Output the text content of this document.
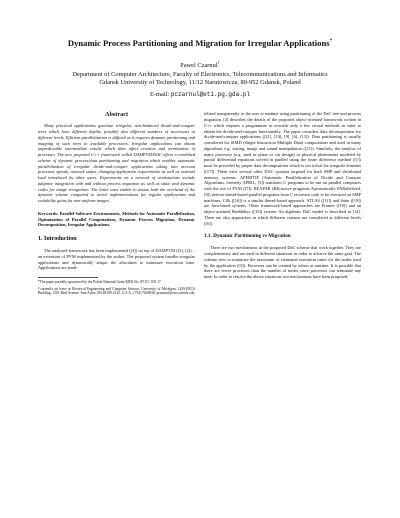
Dynamic Process Partitioning and Migration for Irregular Applications*
Pawel Czarnul†
Department of Computer Architecture, Faculty of Electronics, Telecommunications and Informatics
Gdansk University of Technology, 11/12 Narutowicza, 80-952 Gdansk, Poland
E-mail: pczarnul@eti.pg.gda.pl
Abstract

Many practical applications generate irregular, non-balanced divide-and-conquer trees which have different depths, possibly also different numbers of successors at different levels. Efficient parallelization is difficult as it requires dynamic partitioning and mapping of such trees to available processors. Irregular applications can obtain unpredictable intermediate results which then affect creation and termination of processes. The new proposed C++ framework called DAMPVM/DAC offers a combined scheme of dynamic process/data partitioning and migration which enables automatic parallelization of irregular divide-and-conquer applications taking into account processor speeds, network status, changing application requirements as well as external load introduced by other users. Experiments on a network of workstations include adaptive integration with and without process migration as well as static and dynamic codes for image recognition. The latter ones enable to assess both the overhead of the dynamic scheme compared to serial implementations for regular applications and scalability gains for non-uniform images.

Keywords: Parallel Software Environments, Methods for Automatic Parallelization, Optimization of Parallel Computations, Dynamic Process Migration, Dynamic Decomposition, Irregular Applications.

1. Introduction

The analyzed framework has been implemented ([4]) on top of DAMPVM ([3], [2]) – an extension of PVM implemented by the author. The proposed system handles irregular applications and dynamically adapts the allocation to minimize execution time. Applications are paral-

*The paper partially sponsored by the Polish National Grant KBN No. 8T11C 001 17

†currently on leave at Electrical Engineering and Computer Science, University of Michigan, 1229 EECS Building, 1301 Beal Avenue, Ann Arbor, MI 48109-2122, U.S.A., (734) 7646838, pczarnul@eecs.umich.edu

lelized transparently to the user at runtime using partitioning of the DaC tree and process migration. [4] describes the details of the proposed object-oriented framework written in C++ which requires a programmer to override only a few virtual methods in order to obtain the divide-and-conquer functionality. The paper considers data decomposition for divide-and-conquer applications ([21], [14], [9], [6], [13]). Data partitioning is usually considered for SIMD (Single Instruction Multiple Data) computations and used in many algorithms e.g. sorting, image and sound manipulation ([21]). Similarly, the analysis of many processes (e.g. used in plane or car design) or physical phenomena modeled by partial differential equations solved in parallel using the finite difference method ([1]) must be preceded by proper data decomposition which is not trivial for irregular domains ([17]). There exist several other DAC systems targeted for both SMP and distributed memory systems. APERITIF (Automatic Parallelization of Divide and Conquer Algorithms, formerly APRIL, [5]) translates C programs to be run on parallel computers with the use of PVM ([7]). REAPAR (REcursive programs Automatically PARallelized, [8]) derives thread-based parallel programs from C recursive code to be executed on SMP machines. Cilk ([16]) is a similar thread-based approach. ATLAS ([11]) and Satin ([19]) are Java-based systems. Other framework-based approaches are Frames ([10]) and an object-oriented Beeblebox ([15]) system. An algebraic DaC model is described in [14]. There are also approaches in which different variants are considered at different levels ([6]).

1.1. Dynamic Partitioning vs Migration

There are two mechanisms in the proposed DaC scheme that work together. They are complementary and are used in different situations in order to achieve the same goal. The scheme tries to minimize the maximum of estimated execution times for the nodes used by the application ([3]). Processes can be created by others at runtime. It is possible that there are fewer processes than the number of nodes since processes can terminate any time. In order to resolve the above situations two mechanisms have been proposed:
